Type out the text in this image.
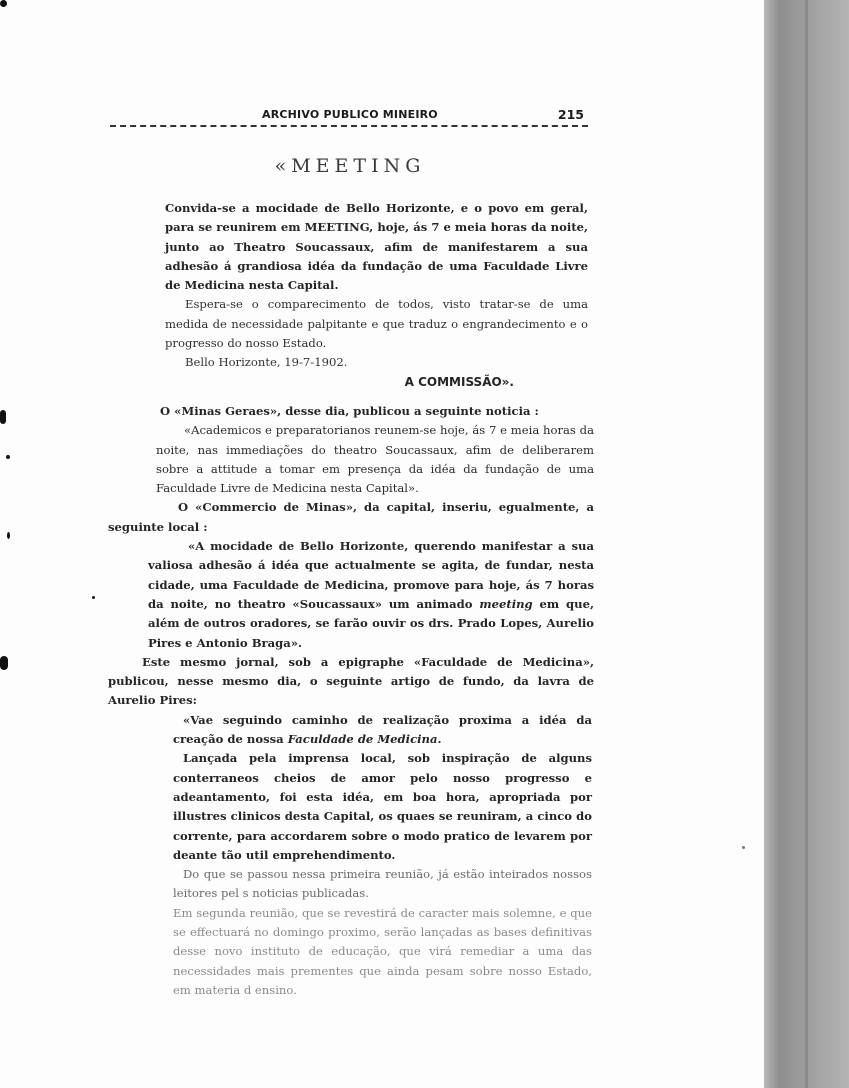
ARCHIVO PUBLICO MINEIRO	215
«MEETING

Convida-se a mocidade de Bello Horizonte, e o povo em geral, para se reunirem em MEETING, hoje, ás 7 e meia horas da noite, junto ao Theatro Soucassaux, afim de manifestarem a sua adhesão á grandiosa idéa da fundação de uma Faculdade Livre de Medicina nesta Capital.

Espera-se o comparecimento de todos, visto tratar-se de uma medida de necessidade palpitante e que traduz o engrandecimento e o progresso do nosso Estado.

Bello Horizonte, 19-7-1902.

A COMMISSÃO».

O «Minas Geraes», desse dia, publicou a seguinte noticia :

«Academicos e preparatorianos reunem-se hoje, ás 7 e meia horas da noite, nas immediações do theatro Soucassaux, afim de deliberarem sobre a attitude a tomar em presença da idéa da fundação de uma Faculdade Livre de Medicina nesta Capital».

O «Commercio de Minas», da capital, inseriu, egualmente, a seguinte local :

«A mocidade de Bello Horizonte, querendo manifestar a sua valiosa adhesão á idéa que actualmente se agita, de fundar, nesta cidade, uma Faculdade de Medicina, promove para hoje, ás 7 horas da noite, no theatro «Soucassaux» um animado meeting em que, além de outros oradores, se farão ouvir os drs. Prado Lopes, Aurelio Pires e Antonio Braga».

Este mesmo jornal, sob a epigraphe «Faculdade de Medicina», publicou, nesse mesmo dia, o seguinte artigo de fundo, da lavra de Aurelio Pires:

«Vae seguindo caminho de realização proxima a idéa da creação de nossa Faculdade de Medicina.

Lançada pela imprensa local, sob inspiração de alguns conterraneos cheios de amor pelo nosso progresso e adeantamento, foi esta idéa, em boa hora, apropriada por illustres clinicos desta Capital, os quaes se reuniram, a cinco do corrente, para accordarem sobre o modo pratico de levarem por deante tão util emprehendimento.

Do que se passou nessa primeira reunião, já estão inteirados nossos leitores pel s noticias publicadas.

Em segunda reunião, que se revestirá de caracter mais solemne, e que se effectuará no domingo proximo, serão lançadas as bases definitivas desse novo instituto de educação, que virá remediar a uma das necessidades mais prementes que ainda pesam sobre nosso Estado, em materia d ensino.
